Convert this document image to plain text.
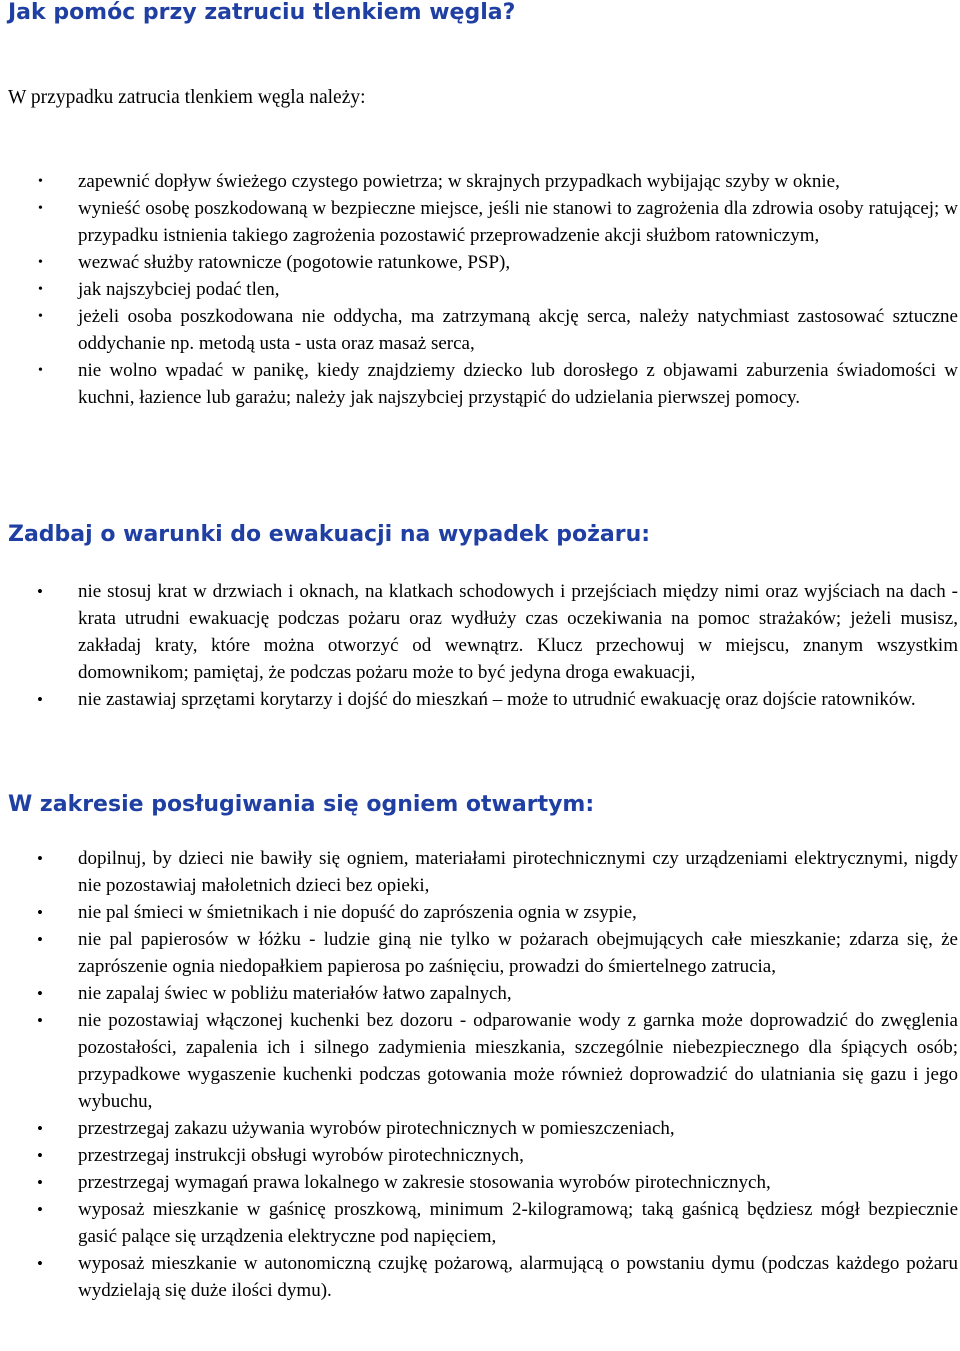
Jak pomóc przy zatruciu tlenkiem węgla?

W przypadku zatrucia tlenkiem węgla należy:

• zapewnić dopływ świeżego czystego powietrza; w skrajnych przypadkach wybijając szyby w oknie,
• wynieść osobę poszkodowaną w bezpieczne miejsce, jeśli nie stanowi to zagrożenia dla zdrowia osoby ratującej; w przypadku istnienia takiego zagrożenia pozostawić przeprowadzenie akcji służbom ratowniczym,
• wezwać służby ratownicze (pogotowie ratunkowe, PSP),
• jak najszybciej podać tlen,
• jeżeli osoba poszkodowana nie oddycha, ma zatrzymaną akcję serca, należy natychmiast zastosować sztuczne oddychanie np. metodą usta - usta oraz masaż serca,
• nie wolno wpadać w panikę, kiedy znajdziemy dziecko lub dorosłego z objawami zaburzenia świadomości w kuchni, łazience lub garażu; należy jak najszybciej przystąpić do udzielania pierwszej pomocy.
Zadbaj o warunki do ewakuacji na wypadek pożaru:
• nie stosuj krat w drzwiach i oknach, na klatkach schodowych i przejściach między nimi oraz wyjściach na dach - krata utrudni ewakuację podczas pożaru oraz wydłuży czas oczekiwania na pomoc strażaków; jeżeli musisz, zakładaj kraty, które można otworzyć od wewnątrz. Klucz przechowuj w miejscu, znanym wszystkim domownikom; pamiętaj, że podczas pożaru może to być jedyna droga ewakuacji,
• nie zastawiaj sprzętami korytarzy i dojść do mieszkań – może to utrudnić ewakuację oraz dojście ratowników.
W zakresie posługiwania się ogniem otwartym:
• dopilnuj, by dzieci nie bawiły się ogniem, materiałami pirotechnicznymi czy urządzeniami elektrycznymi, nigdy nie pozostawiaj małoletnich dzieci bez opieki,
• nie pal śmieci w śmietnikach i nie dopuść do zaprószenia ognia w zsypie,
• nie pal papierosów w łóżku - ludzie giną nie tylko w pożarach obejmujących całe mieszkanie; zdarza się, że zaprószenie ognia niedopałkiem papierosa po zaśnięciu, prowadzi do śmiertelnego zatrucia,
• nie zapalaj świec w pobliżu materiałów łatwo zapalnych,
• nie pozostawiaj włączonej kuchenki bez dozoru - odparowanie wody z garnka może doprowadzić do zwęglenia pozostałości, zapalenia ich i silnego zadymienia mieszkania, szczególnie niebezpiecznego dla śpiących osób; przypadkowe wygaszenie kuchenki podczas gotowania może również doprowadzić do ulatniania się gazu i jego wybuchu,
• przestrzegaj zakazu używania wyrobów pirotechnicznych w pomieszczeniach,
• przestrzegaj instrukcji obsługi wyrobów pirotechnicznych,
• przestrzegaj wymagań prawa lokalnego w zakresie stosowania wyrobów pirotechnicznych,
• wyposaż mieszkanie w gaśnicę proszkową, minimum 2-kilogramową; taką gaśnicą będziesz mógł bezpiecznie gasić palące się urządzenia elektryczne pod napięciem,
• wyposaż mieszkanie w autonomiczną czujkę pożarową, alarmującą o powstaniu dymu (podczas każdego pożaru wydzielają się duże ilości dymu).
